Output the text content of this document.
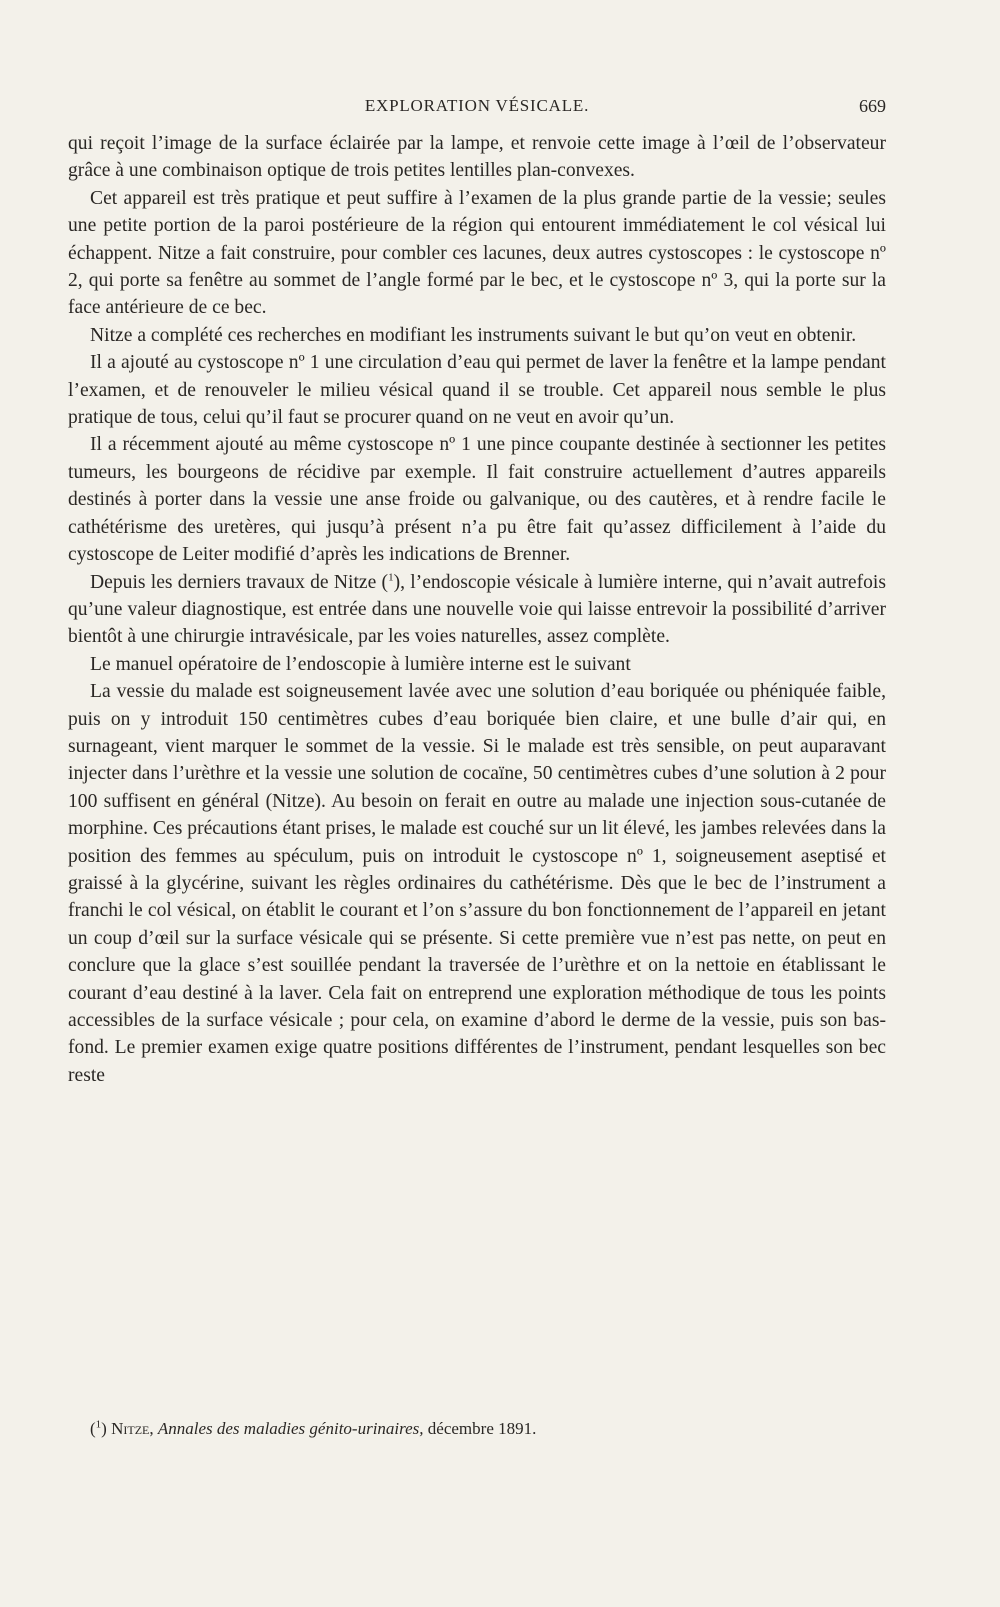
EXPLORATION VÉSICALE.	669

qui reçoit l’image de la surface éclairée par la lampe, et renvoie cette image à l’œil de l’observateur grâce à une combinaison optique de trois petites lentilles plan-convexes.

Cet appareil est très pratique et peut suffire à l’examen de la plus grande partie de la vessie; seules une petite portion de la paroi postérieure de la région qui entourent immédiatement le col vésical lui échappent. Nitze a fait construire, pour combler ces lacunes, deux autres cystoscopes : le cystoscope nº 2, qui porte sa fenêtre au sommet de l’angle formé par le bec, et le cystoscope nº 3, qui la porte sur la face antérieure de ce bec.

Nitze a complété ces recherches en modifiant les instruments suivant le but qu’on veut en obtenir.

Il a ajouté au cystoscope nº 1 une circulation d’eau qui permet de laver la fenêtre et la lampe pendant l’examen, et de renouveler le milieu vésical quand il se trouble. Cet appareil nous semble le plus pratique de tous, celui qu’il faut se procurer quand on ne veut en avoir qu’un.

Il a récemment ajouté au même cystoscope nº 1 une pince coupante destinée à sectionner les petites tumeurs, les bourgeons de récidive par exemple. Il fait construire actuellement d’autres appareils destinés à porter dans la vessie une anse froide ou galvanique, ou des cautères, et à rendre facile le cathétérisme des uretères, qui jusqu’à présent n’a pu être fait qu’assez difficilement à l’aide du cystoscope de Leiter modifié d’après les indications de Brenner.

Depuis les derniers travaux de Nitze ($^1$), l’endoscopie vésicale à lumière interne, qui n’avait autrefois qu’une valeur diagnostique, est entrée dans une nouvelle voie qui laisse entrevoir la possibilité d’arriver bientôt à une chirurgie intravésicale, par les voies naturelles, assez complète.

Le manuel opératoire de l’endoscopie à lumière interne est le suivant

La vessie du malade est soigneusement lavée avec une solution d’eau boriquée ou phéniquée faible, puis on y introduit 150 centimètres cubes d’eau boriquée bien claire, et une bulle d’air qui, en surnageant, vient marquer le sommet de la vessie. Si le malade est très sensible, on peut auparavant injecter dans l’urèthre et la vessie une solution de cocaïne, 50 centimètres cubes d’une solution à 2 pour 100 suffisent en général (Nitze). Au besoin on ferait en outre au malade une injection sous-cutanée de morphine. Ces précautions étant prises, le malade est couché sur un lit élevé, les jambes relevées dans la position des femmes au spéculum, puis on introduit le cystoscope nº 1, soigneusement aseptisé et graissé à la glycérine, suivant les règles ordinaires du cathétérisme. Dès que le bec de l’instrument a franchi le col vésical, on établit le courant et l’on s’assure du bon fonctionnement de l’appareil en jetant un coup d’œil sur la surface vésicale qui se présente. Si cette première vue n’est pas nette, on peut en conclure que la glace s’est souillée pendant la traversée de l’urèthre et on la nettoie en établissant le courant d’eau destiné à la laver. Cela fait on entreprend une exploration méthodique de tous les points accessibles de la surface vésicale ; pour cela, on examine d’abord le derme de la vessie, puis son bas-fond. Le premier examen exige quatre positions différentes de l’instrument, pendant lesquelles son bec reste

($^1$) Nitze, Annales des maladies génito-urinaires, décembre 1891.
